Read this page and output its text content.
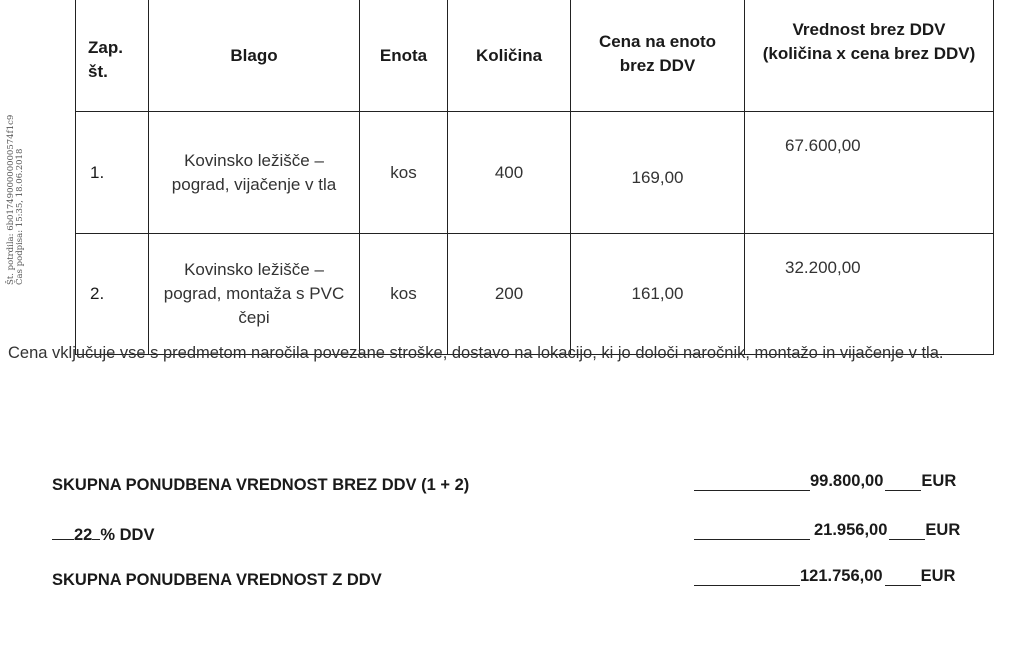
Št. potrdila: 6b0174900000000574f1c9 Čas podpisa: 15:35, 18.06.2018
Zap. št.	Blago	Enota	Količina	Cena na enoto brez DDV	Vrednost brez DDV (količina x cena brez DDV)
1.	Kovinsko ležišče – pograd, vijačenje v tla	kos	400	169,00	67.600,00
2.	Kovinsko ležišče – pograd, montaža s PVC čepi	kos	200	161,00	32.200,00
Cena vključuje vse s predmetom naročila povezane stroške, dostavo na lokacijo, ki jo določi naročnik, montažo in vijačenje v tla.
SKUPNA PONUDBENA VREDNOST BREZ DDV (1 + 2)	99.800,00 EUR
22 % DDV	21.956,00 EUR
SKUPNA PONUDBENA VREDNOST Z DDV	121.756,00 EUR
